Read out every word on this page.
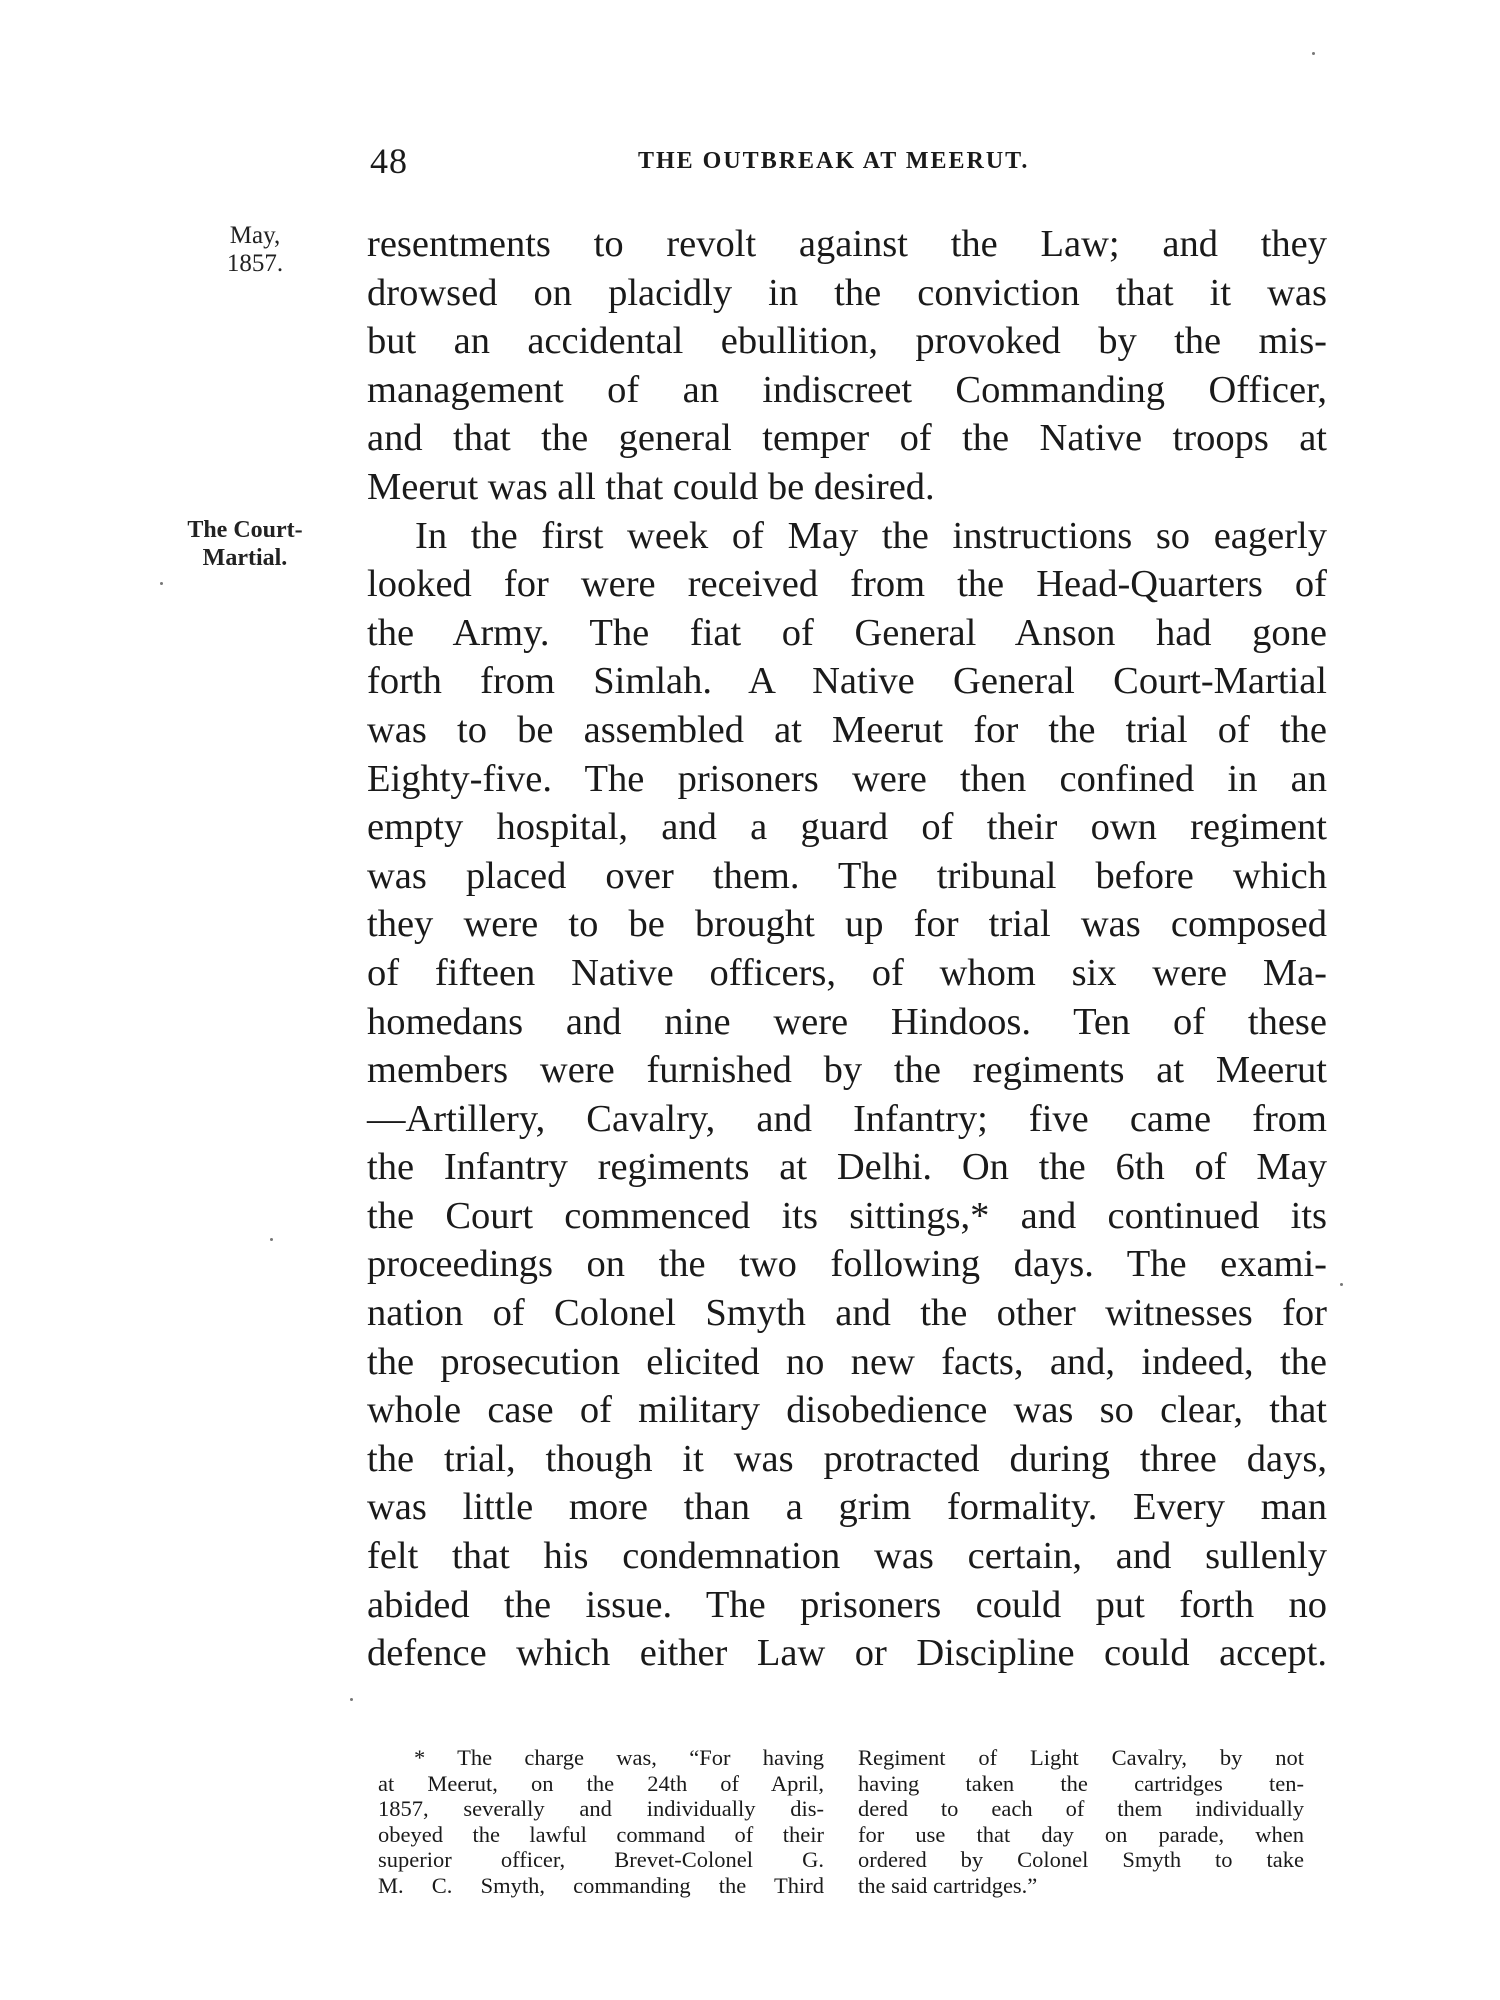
48	THE OUTBREAK AT MEERUT.
May,
1857.
The Court-
Martial.
resentments to revolt against the Law; and they
drowsed on placidly in the conviction that it was
but an accidental ebullition, provoked by the mis-
management of an indiscreet Commanding Officer,
and that the general temper of the Native troops at
Meerut was all that could be desired.
In the first week of May the instructions so eagerly
looked for were received from the Head-Quarters of
the Army. The fiat of General Anson had gone
forth from Simlah. A Native General Court-Martial
was to be assembled at Meerut for the trial of the
Eighty-five. The prisoners were then confined in an
empty hospital, and a guard of their own regiment
was placed over them. The tribunal before which
they were to be brought up for trial was composed
of fifteen Native officers, of whom six were Ma-
homedans and nine were Hindoos. Ten of these
members were furnished by the regiments at Meerut
—Artillery, Cavalry, and Infantry; five came from
the Infantry regiments at Delhi. On the 6th of May
the Court commenced its sittings,* and continued its
proceedings on the two following days. The exami-
nation of Colonel Smyth and the other witnesses for
the prosecution elicited no new facts, and, indeed, the
whole case of military disobedience was so clear, that
the trial, though it was protracted during three days,
was little more than a grim formality. Every man
felt that his condemnation was certain, and sullenly
abided the issue. The prisoners could put forth no
defence which either Law or Discipline could accept.
* The charge was, “For having
at Meerut, on the 24th of April,
1857, severally and individually dis-
obeyed the lawful command of their
superior officer, Brevet-Colonel G.
M. C. Smyth, commanding the Third
Regiment of Light Cavalry, by not
having taken the cartridges ten-
dered to each of them individually
for use that day on parade, when
ordered by Colonel Smyth to take
the said cartridges.”
